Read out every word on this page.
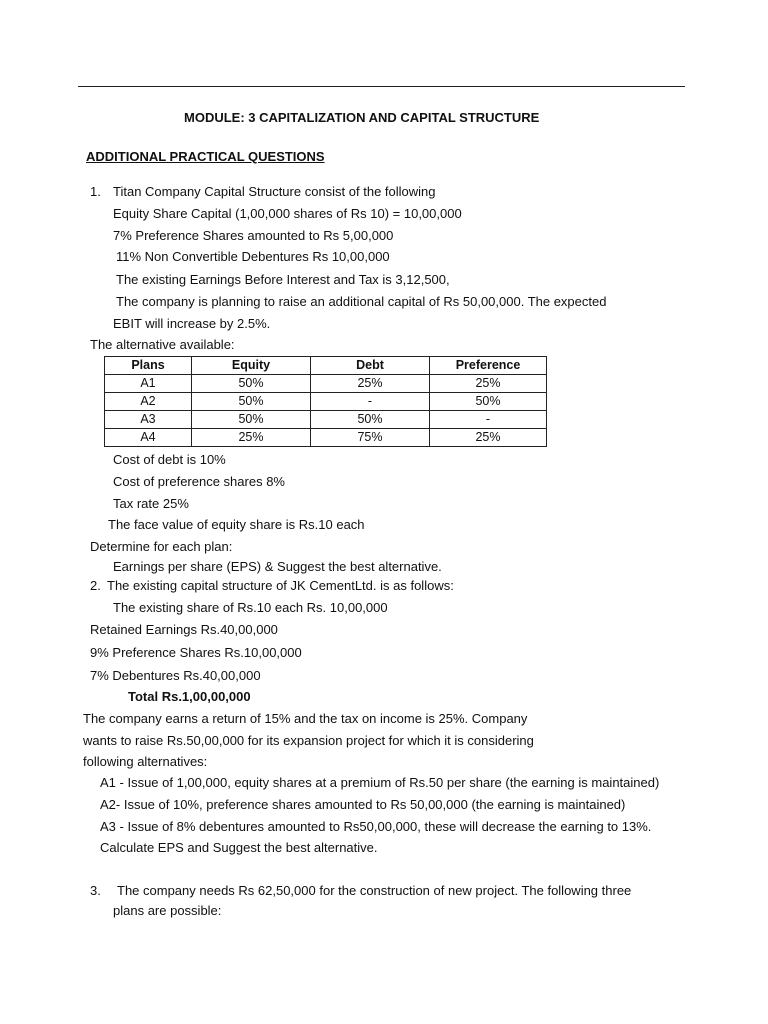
MODULE: 3 CAPITALIZATION AND CAPITAL STRUCTURE
ADDITIONAL PRACTICAL QUESTIONS
1. Titan Company Capital Structure consist of the following
Equity Share Capital (1,00,000 shares of Rs 10) = 10,00,000
7% Preference Shares amounted to Rs 5,00,000
11% Non Convertible Debentures Rs 10,00,000
The existing Earnings Before Interest and Tax is 3,12,500,
The company is planning to raise an additional capital of Rs 50,00,000. The expected
EBIT will increase by 2.5%.
The alternative available:
Plans	Equity	Debt	Preference
A1	50%	25%	25%
A2	50%	-	50%
A3	50%	50%	-
A4	25%	75%	25%
Cost of debt is 10%
Cost of preference shares 8%
Tax rate 25%
The face value of equity share is Rs.10 each
Determine for each plan:
Earnings per share (EPS) & Suggest the best alternative.
2. The existing capital structure of JK CementLtd. is as follows:
The existing share of Rs.10 each Rs. 10,00,000
Retained Earnings Rs.40,00,000
9% Preference Shares Rs.10,00,000
7% Debentures Rs.40,00,000
Total Rs.1,00,00,000
The company earns a return of 15% and the tax on income is 25%. Company
wants to raise Rs.50,00,000 for its expansion project for which it is considering
following alternatives:
A1 - Issue of 1,00,000, equity shares at a premium of Rs.50 per share (the earning is maintained)
A2- Issue of 10%, preference shares amounted to Rs 50,00,000 (the earning is maintained)
A3 - Issue of 8% debentures amounted to Rs50,00,000, these will decrease the earning to 13%.
Calculate EPS and Suggest the best alternative.
3. The company needs Rs 62,50,000 for the construction of new project. The following three
plans are possible:
